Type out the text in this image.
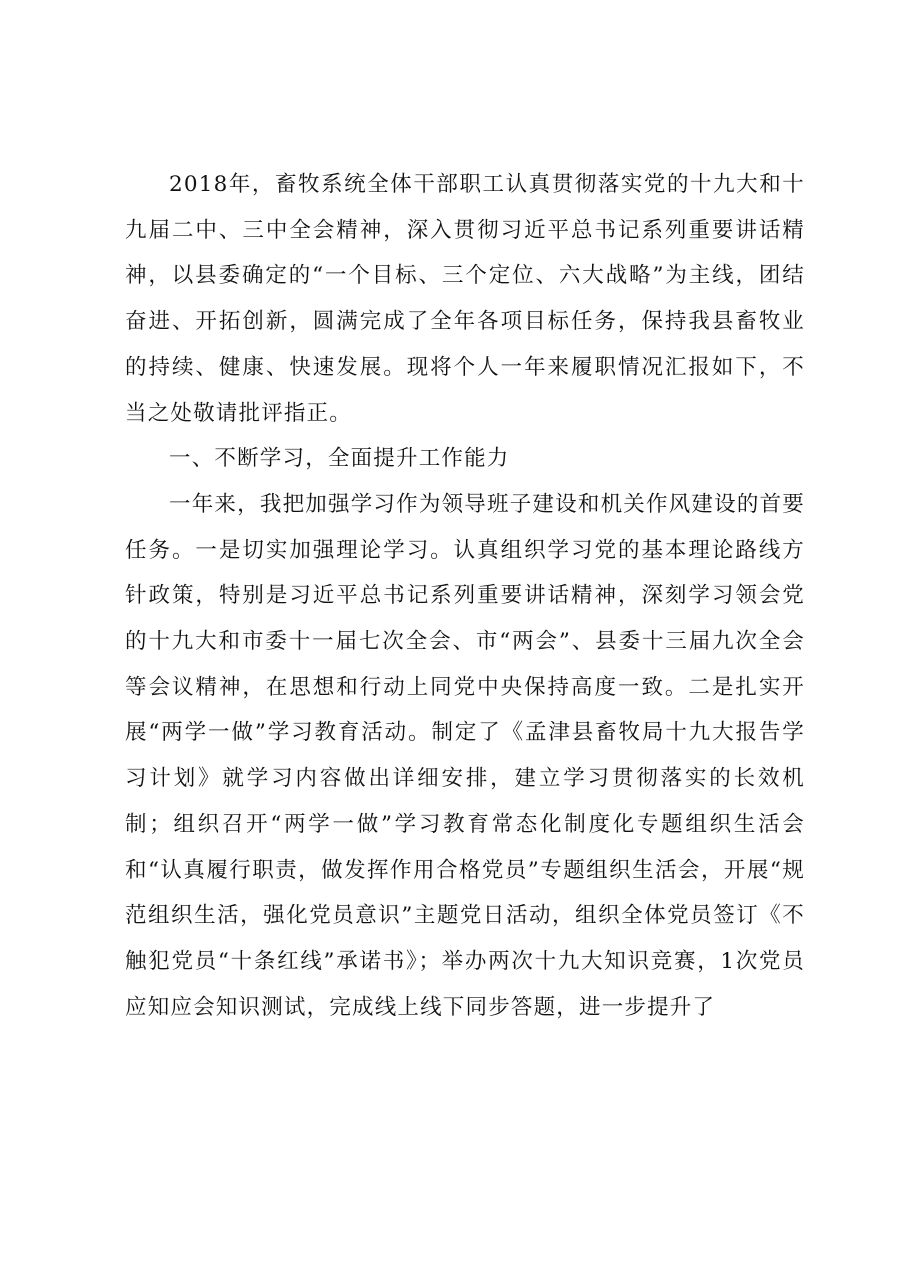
2018年，畜牧系统全体干部职工认真贯彻落实党的十九大和十九届二中、三中全会精神，深入贯彻习近平总书记系列重要讲话精神，以县委确定的“一个目标、三个定位、六大战略”为主线，团结奋进、开拓创新，圆满完成了全年各项目标任务，保持我县畜牧业的持续、健康、快速发展。现将个人一年来履职情况汇报如下，不当之处敬请批评指正。

一、不断学习，全面提升工作能力

一年来，我把加强学习作为领导班子建设和机关作风建设的首要任务。一是切实加强理论学习。认真组织学习党的基本理论路线方针政策，特别是习近平总书记系列重要讲话精神，深刻学习领会党的十九大和市委十一届七次全会、市“两会”、县委十三届九次全会等会议精神，在思想和行动上同党中央保持高度一致。二是扎实开展“两学一做”学习教育活动。制定了《孟津县畜牧局十九大报告学习计划》就学习内容做出详细安排，建立学习贯彻落实的长效机制；组织召开“两学一做”学习教育常态化制度化专题组织生活会和“认真履行职责，做发挥作用合格党员”专题组织生活会，开展“规范组织生活，强化党员意识”主题党日活动，组织全体党员签订《不触犯党员“十条红线”承诺书》；举办两次十九大知识竞赛，1次党员应知应会知识测试，完成线上线下同步答题，进一步提升了
